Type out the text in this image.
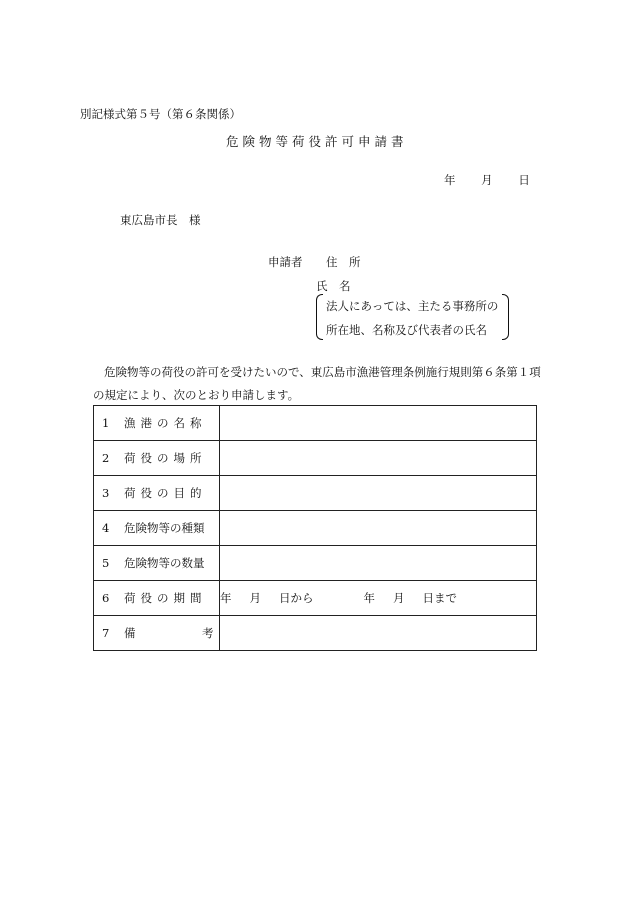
別記様式第５号（第６条関係）
危険物等荷役許可申請書
年 月 日
東広島市長　様
申請者 住　所
氏　名
法人にあっては、主たる事務所の
所在地、名称及び代表者の氏名
危険物等の荷役の許可を受けたいので、東広島市漁港管理条例施行規則第６条第１項
の規定により、次のとおり申請します。
1 漁港の名称	
2 荷役の場所	
3 荷役の目的	
4 危険物等の種類	
5 危険物等の数量	
6 荷役の期間	年 月 日から 年 月 日まで
7 備 考	
